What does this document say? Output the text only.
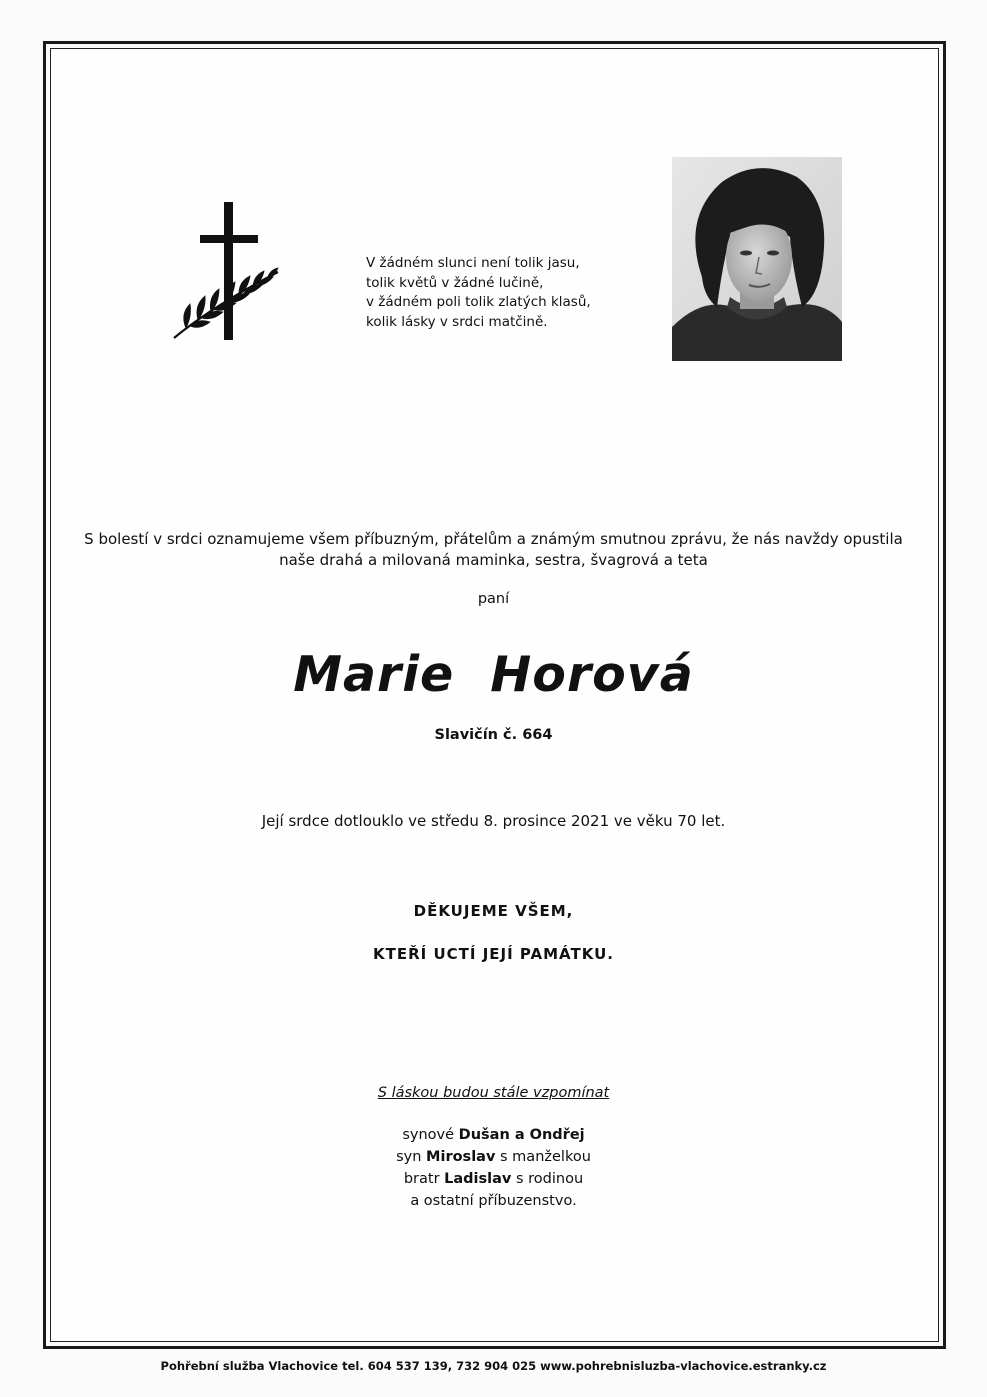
V žádném slunci není tolik jasu,
tolik květů v žádné lučině,
v žádném poli tolik zlatých klasů,
kolik lásky v srdci matčině.
S bolestí v srdci oznamujeme všem příbuzným, přátelům a známým smutnou zprávu, že nás navždy opustila
naše drahá a milovaná maminka, sestra, švagrová a teta
paní
Marie Horová
Slavičín č. 664
Její srdce dotlouklo ve středu 8. prosince 2021 ve věku 70 let.
DĚKUJEME VŠEM,
KTEŘÍ UCTÍ JEJÍ PAMÁTKU.
S láskou budou stále vzpomínat
synové Dušan a Ondřej
syn Miroslav s manželkou
bratr Ladislav s rodinou
a ostatní příbuzenstvo.
Pohřební služba Vlachovice tel. 604 537 139, 732 904 025 www.pohrebnisluzba-vlachovice.estranky.cz
